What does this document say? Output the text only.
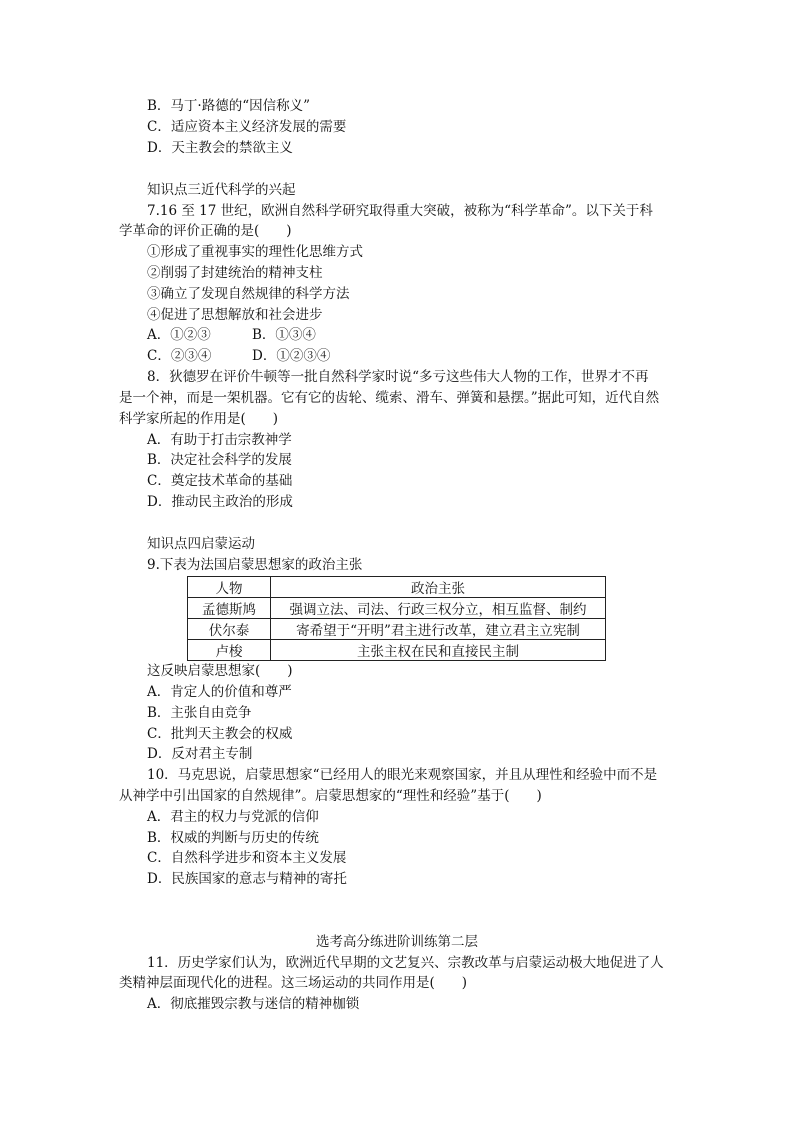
B．马丁·路德的“因信称义”
C．适应资本主义经济发展的需要
D．天主教会的禁欲主义
知识点三近代科学的兴起
7.16 至 17 世纪，欧洲自然科学研究取得重大突破，被称为“科学革命”。以下关于科
学革命的评价正确的是(　　)
①形成了重视事实的理性化思维方式
②削弱了封建统治的精神支柱
③确立了发现自然规律的科学方法
④促进了思想解放和社会进步
A．①②③	B．①③④
C．②③④	D．①②③④
8．狄德罗在评价牛顿等一批自然科学家时说“多亏这些伟大人物的工作，世界才不再
是一个神，而是一架机器。它有它的齿轮、缆索、滑车、弹簧和悬摆。”据此可知，近代自然
科学家所起的作用是(　　)
A．有助于打击宗教神学
B．决定社会科学的发展
C．奠定技术革命的基础
D．推动民主政治的形成
知识点四启蒙运动
9.下表为法国启蒙思想家的政治主张
人物	政治主张
孟德斯鸠	强调立法、司法、行政三权分立，相互监督、制约
伏尔泰	寄希望于“开明”君主进行改革，建立君主立宪制
卢梭	主张主权在民和直接民主制
这反映启蒙思想家(　　)
A．肯定人的价值和尊严
B．主张自由竞争
C．批判天主教会的权威
D．反对君主专制
10．马克思说，启蒙思想家“已经用人的眼光来观察国家，并且从理性和经验中而不是
从神学中引出国家的自然规律”。启蒙思想家的“理性和经验”基于(　　)
A．君主的权力与党派的信仰
B．权威的判断与历史的传统
C．自然科学进步和资本主义发展
D．民族国家的意志与精神的寄托
选考高分练进阶训练第二层
11．历史学家们认为，欧洲近代早期的文艺复兴、宗教改革与启蒙运动极大地促进了人
类精神层面现代化的进程。这三场运动的共同作用是(　　)
A．彻底摧毁宗教与迷信的精神枷锁
